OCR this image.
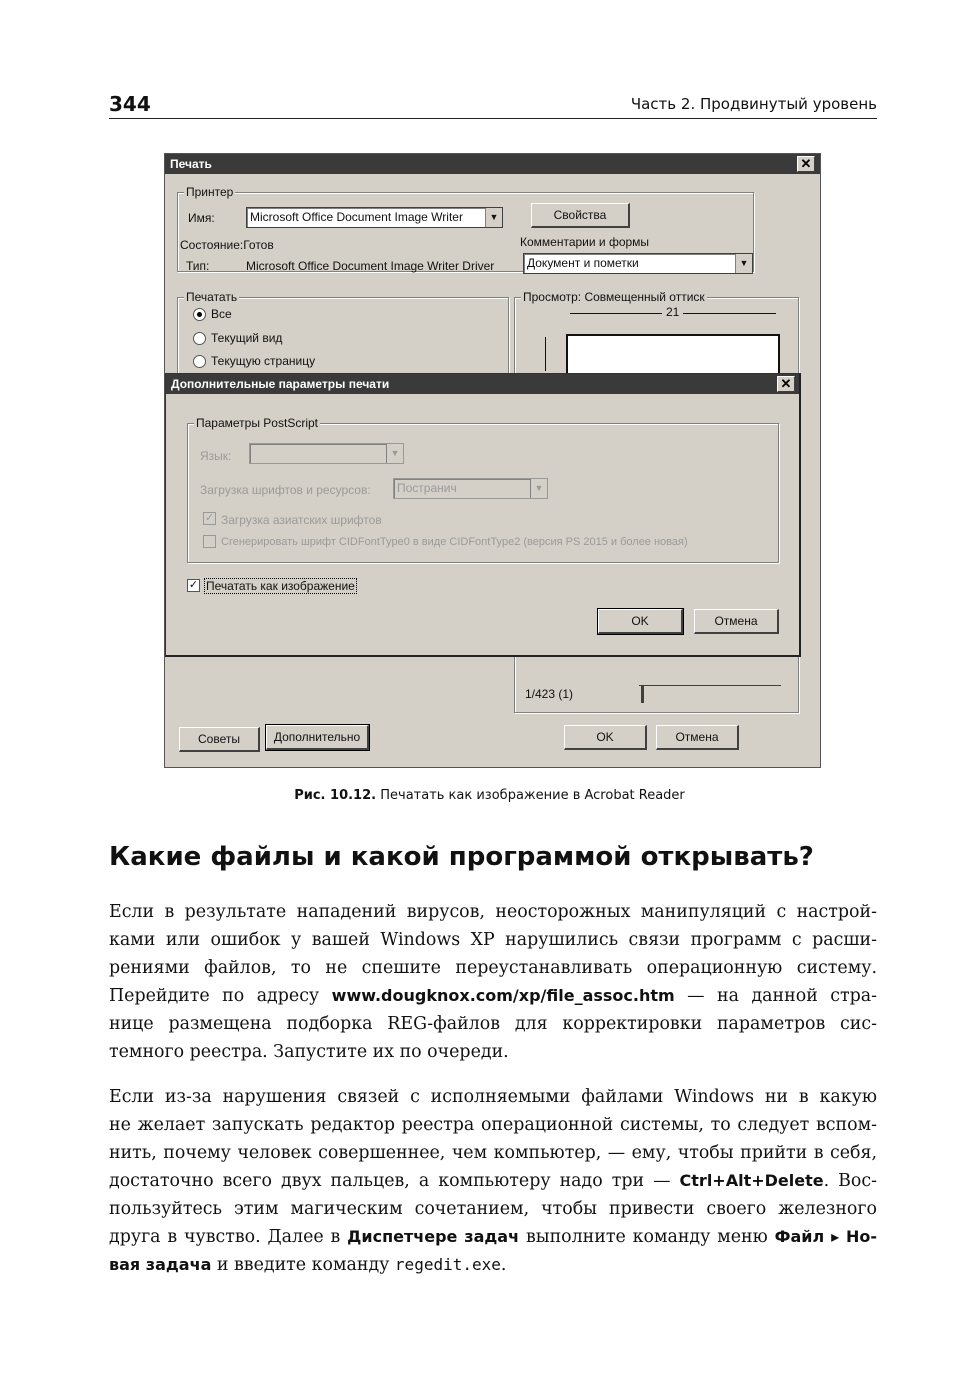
344	Часть 2. Продвинутый уровень
Печать	✕
Принтер
Имя:	Microsoft Office Document Image Writer	▼	Свойства
Состояние:Готов	Комментарии и формы
Документ и пометки	▼
Тип:	Microsoft Office Document Image Writer Driver
Печатать
Все
Текущий вид
Текущую страницу
Просмотр: Совмещенный оттиск
21
1/423 (1)
Советы	Дополнительно	OK	Отмена
Дополнительные параметры печати	✕
Параметры PostScript
Язык:	▼
Загрузка шрифтов и ресурсов:	Постранич	▼
✓ Загрузка азиатских шрифтов
Сгенерировать шрифт CIDFontType0 в виде CIDFontType2 (версия PS 2015 и более новая)
✓ Печатать как изображение
OK	Отмена
Рис. 10.12. Печатать как изображение в Acrobat Reader
Какие файлы и какой программой открывать?
Если в результате нападений вирусов, неосторожных манипуляций с настрой-
ками или ошибок у вашей Windows XP нарушились связи программ с расши-
рениями файлов, то не спешите переустанавливать операционную систему.
Перейдите по адресу www.dougknox.com/xp/file_assoc.htm — на данной стра-
нице размещена подборка REG-файлов для корректировки параметров сис-
темного реестра. Запустите их по очереди.
Если из-за нарушения связей с исполняемыми файлами Windows ни в какую
не желает запускать редактор реестра операционной системы, то следует вспом-
нить, почему человек совершеннее, чем компьютер, — ему, чтобы прийти в себя,
достаточно всего двух пальцев, а компьютеру надо три — Ctrl+Alt+Delete. Вос-
пользуйтесь этим магическим сочетанием, чтобы привести своего железного
друга в чувство. Далее в Диспетчере задач выполните команду меню Файл ▸ Но-
вая задача и введите команду regedit.exe.
